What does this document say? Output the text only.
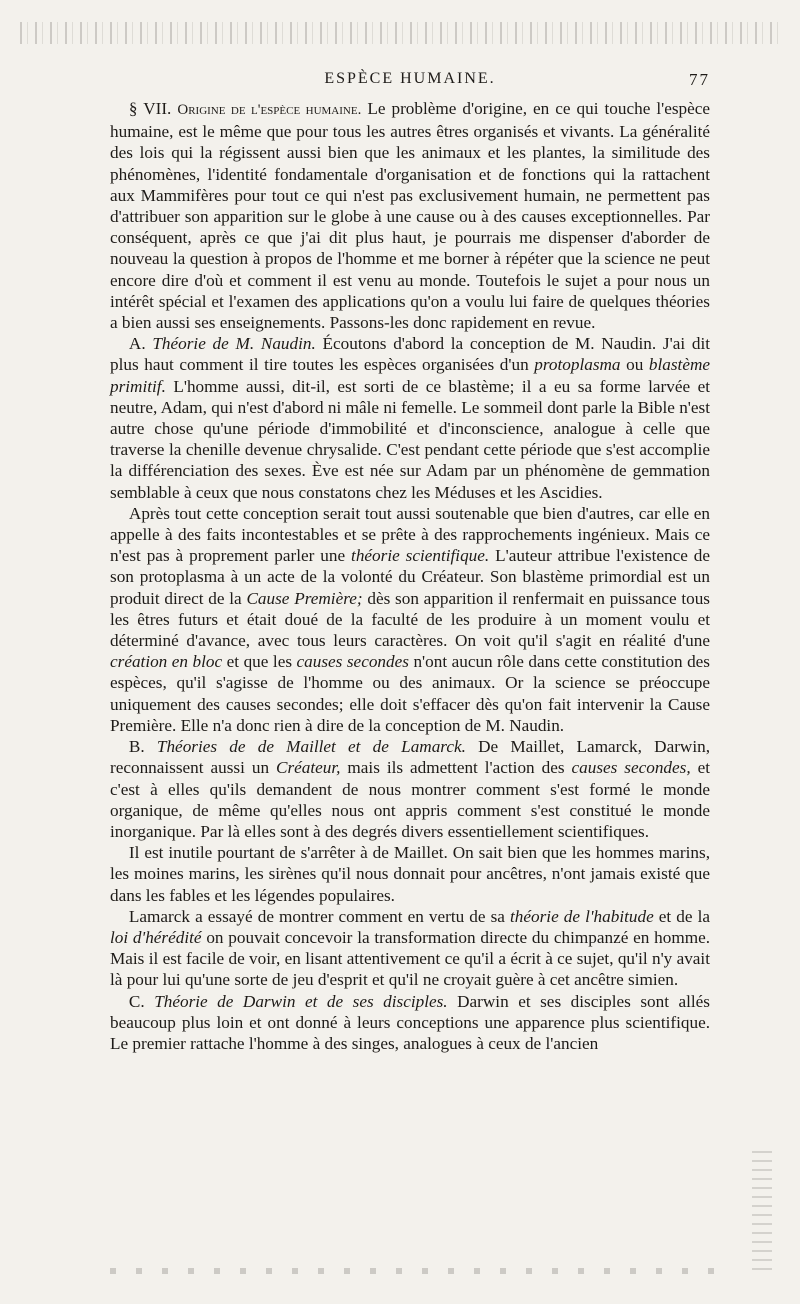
ESPÈCE HUMAINE.	77

§ VII. Origine de l'espèce humaine. Le problème d'origine, en ce qui touche l'espèce humaine, est le même que pour tous les autres êtres organisés et vivants. La généralité des lois qui la régissent aussi bien que les animaux et les plantes, la similitude des phénomènes, l'identité fondamentale d'organisation et de fonctions qui la rattachent aux Mammifères pour tout ce qui n'est pas exclusivement humain, ne permettent pas d'attribuer son apparition sur le globe à une cause ou à des causes exceptionnelles. Par conséquent, après ce que j'ai dit plus haut, je pourrais me dispenser d'aborder de nouveau la question à propos de l'homme et me borner à répéter que la science ne peut encore dire d'où et comment il est venu au monde. Toutefois le sujet a pour nous un intérêt spécial et l'examen des applications qu'on a voulu lui faire de quelques théories a bien aussi ses enseignements. Passons-les donc rapidement en revue.

A. Théorie de M. Naudin. Écoutons d'abord la conception de M. Naudin. J'ai dit plus haut comment il tire toutes les espèces organisées d'un protoplasma ou blastème primitif. L'homme aussi, dit-il, est sorti de ce blastème; il a eu sa forme larvée et neutre, Adam, qui n'est d'abord ni mâle ni femelle. Le sommeil dont parle la Bible n'est autre chose qu'une période d'immobilité et d'inconscience, analogue à celle que traverse la chenille devenue chrysalide. C'est pendant cette période que s'est accomplie la différenciation des sexes. Ève est née sur Adam par un phénomène de gemmation semblable à ceux que nous constatons chez les Méduses et les Ascidies.

Après tout cette conception serait tout aussi soutenable que bien d'autres, car elle en appelle à des faits incontestables et se prête à des rapprochements ingénieux. Mais ce n'est pas à proprement parler une théorie scientifique. L'auteur attribue l'existence de son protoplasma à un acte de la volonté du Créateur. Son blastème primordial est un produit direct de la Cause Première; dès son apparition il renfermait en puissance tous les êtres futurs et était doué de la faculté de les produire à un moment voulu et déterminé d'avance, avec tous leurs caractères. On voit qu'il s'agit en réalité d'une création en bloc et que les causes secondes n'ont aucun rôle dans cette constitution des espèces, qu'il s'agisse de l'homme ou des animaux. Or la science se préoccupe uniquement des causes secondes; elle doit s'effacer dès qu'on fait intervenir la Cause Première. Elle n'a donc rien à dire de la conception de M. Naudin.

B. Théories de de Maillet et de Lamarck. De Maillet, Lamarck, Darwin, reconnaissent aussi un Créateur, mais ils admettent l'action des causes secondes, et c'est à elles qu'ils demandent de nous montrer comment s'est formé le monde organique, de même qu'elles nous ont appris comment s'est constitué le monde inorganique. Par là elles sont à des degrés divers essentiellement scientifiques.

Il est inutile pourtant de s'arrêter à de Maillet. On sait bien que les hommes marins, les moines marins, les sirènes qu'il nous donnait pour ancêtres, n'ont jamais existé que dans les fables et les légendes populaires.

Lamarck a essayé de montrer comment en vertu de sa théorie de l'habitude et de la loi d'hérédité on pouvait concevoir la transformation directe du chimpanzé en homme. Mais il est facile de voir, en lisant attentivement ce qu'il a écrit à ce sujet, qu'il n'y avait là pour lui qu'une sorte de jeu d'esprit et qu'il ne croyait guère à cet ancêtre simien.

C. Théorie de Darwin et de ses disciples. Darwin et ses disciples sont allés beaucoup plus loin et ont donné à leurs conceptions une apparence plus scientifique. Le premier rattache l'homme à des singes, analogues à ceux de l'ancien
